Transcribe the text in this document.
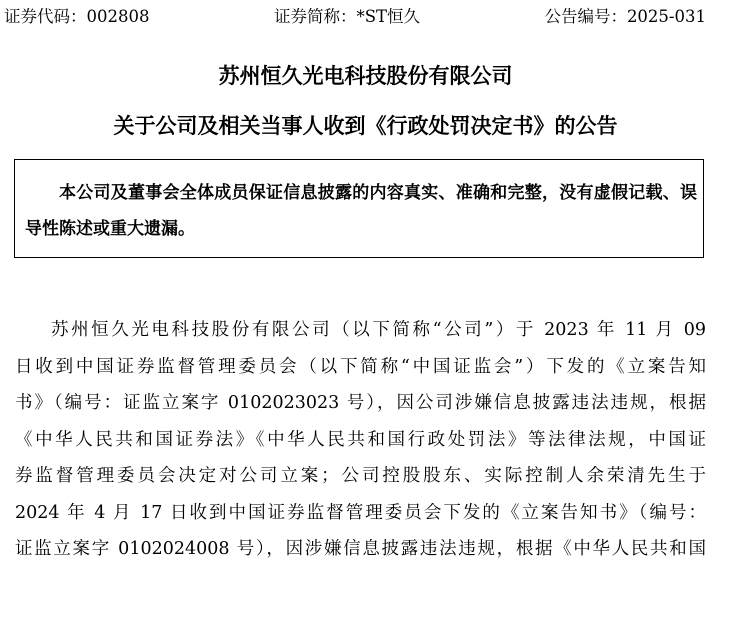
证券代码：002808	证券简称：*ST恒久	公告编号：2025-031
苏州恒久光电科技股份有限公司
关于公司及相关当事人收到《行政处罚决定书》的公告
本公司及董事会全体成员保证信息披露的内容真实、准确和完整，没有虚假记载、误导性陈述或重大遗漏。
苏州恒久光电科技股份有限公司（以下简称“公司”）于 2023 年 11 月 09
日收到中国证券监督管理委员会（以下简称“中国证监会”）下发的《立案告知
书》（编号：证监立案字 0102023023 号），因公司涉嫌信息披露违法违规，根据
《中华人民共和国证券法》《中华人民共和国行政处罚法》等法律法规，中国证
券监督管理委员会决定对公司立案；公司控股股东、实际控制人余荣清先生于
2024 年 4 月 17 日收到中国证券监督管理委员会下发的《立案告知书》（编号：
证监立案字 0102024008 号），因涉嫌信息披露违法违规，根据《中华人民共和国
